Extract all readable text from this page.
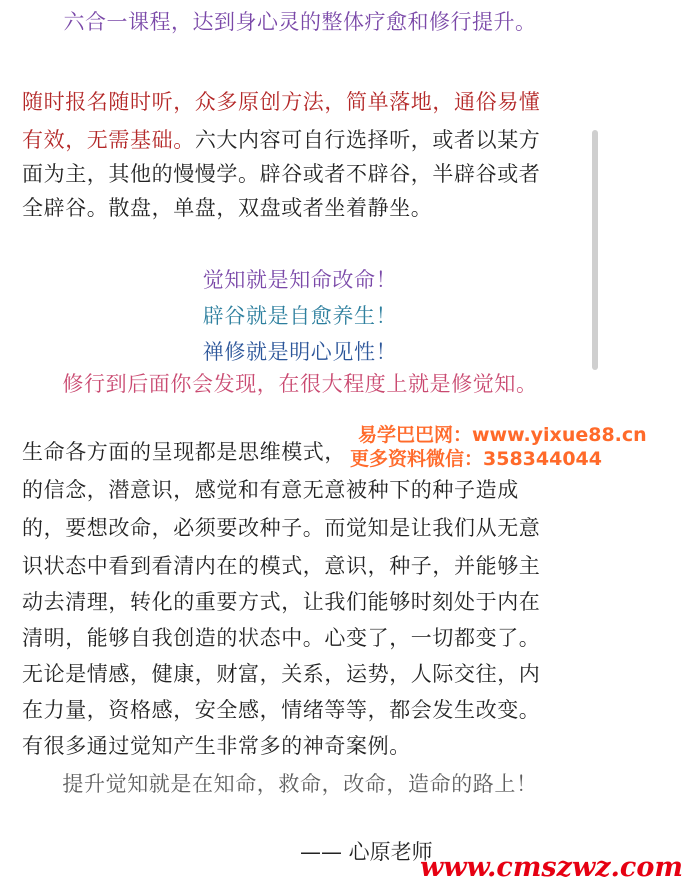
六合一课程，达到身心灵的整体疗愈和修行提升。
随时报名随时听，众多原创方法，简单落地，通俗易懂
有效，无需基础。六大内容可自行选择听，或者以某方
面为主，其他的慢慢学。辟谷或者不辟谷，半辟谷或者
全辟谷。散盘，单盘，双盘或者坐着静坐。
觉知就是知命改命！
辟谷就是自愈养生！
禅修就是明心见性！
修行到后面你会发现，在很大程度上就是修觉知。
生命各方面的呈现都是思维模式，
的信念，潜意识，感觉和有意无意被种下的种子造成
的，要想改命，必须要改种子。而觉知是让我们从无意
识状态中看到看清内在的模式，意识，种子，并能够主
动去清理，转化的重要方式，让我们能够时刻处于内在
清明，能够自我创造的状态中。心变了，一切都变了。
无论是情感，健康，财富，关系，运势，人际交往，内
在力量，资格感，安全感，情绪等等，都会发生改变。
有很多通过觉知产生非常多的神奇案例。
提升觉知就是在知命，救命，改命，造命的路上！
—— 心原老师
易学巴巴网：www.yixue88.cn
更多资料微信：358344044
www.cmszwz.com
